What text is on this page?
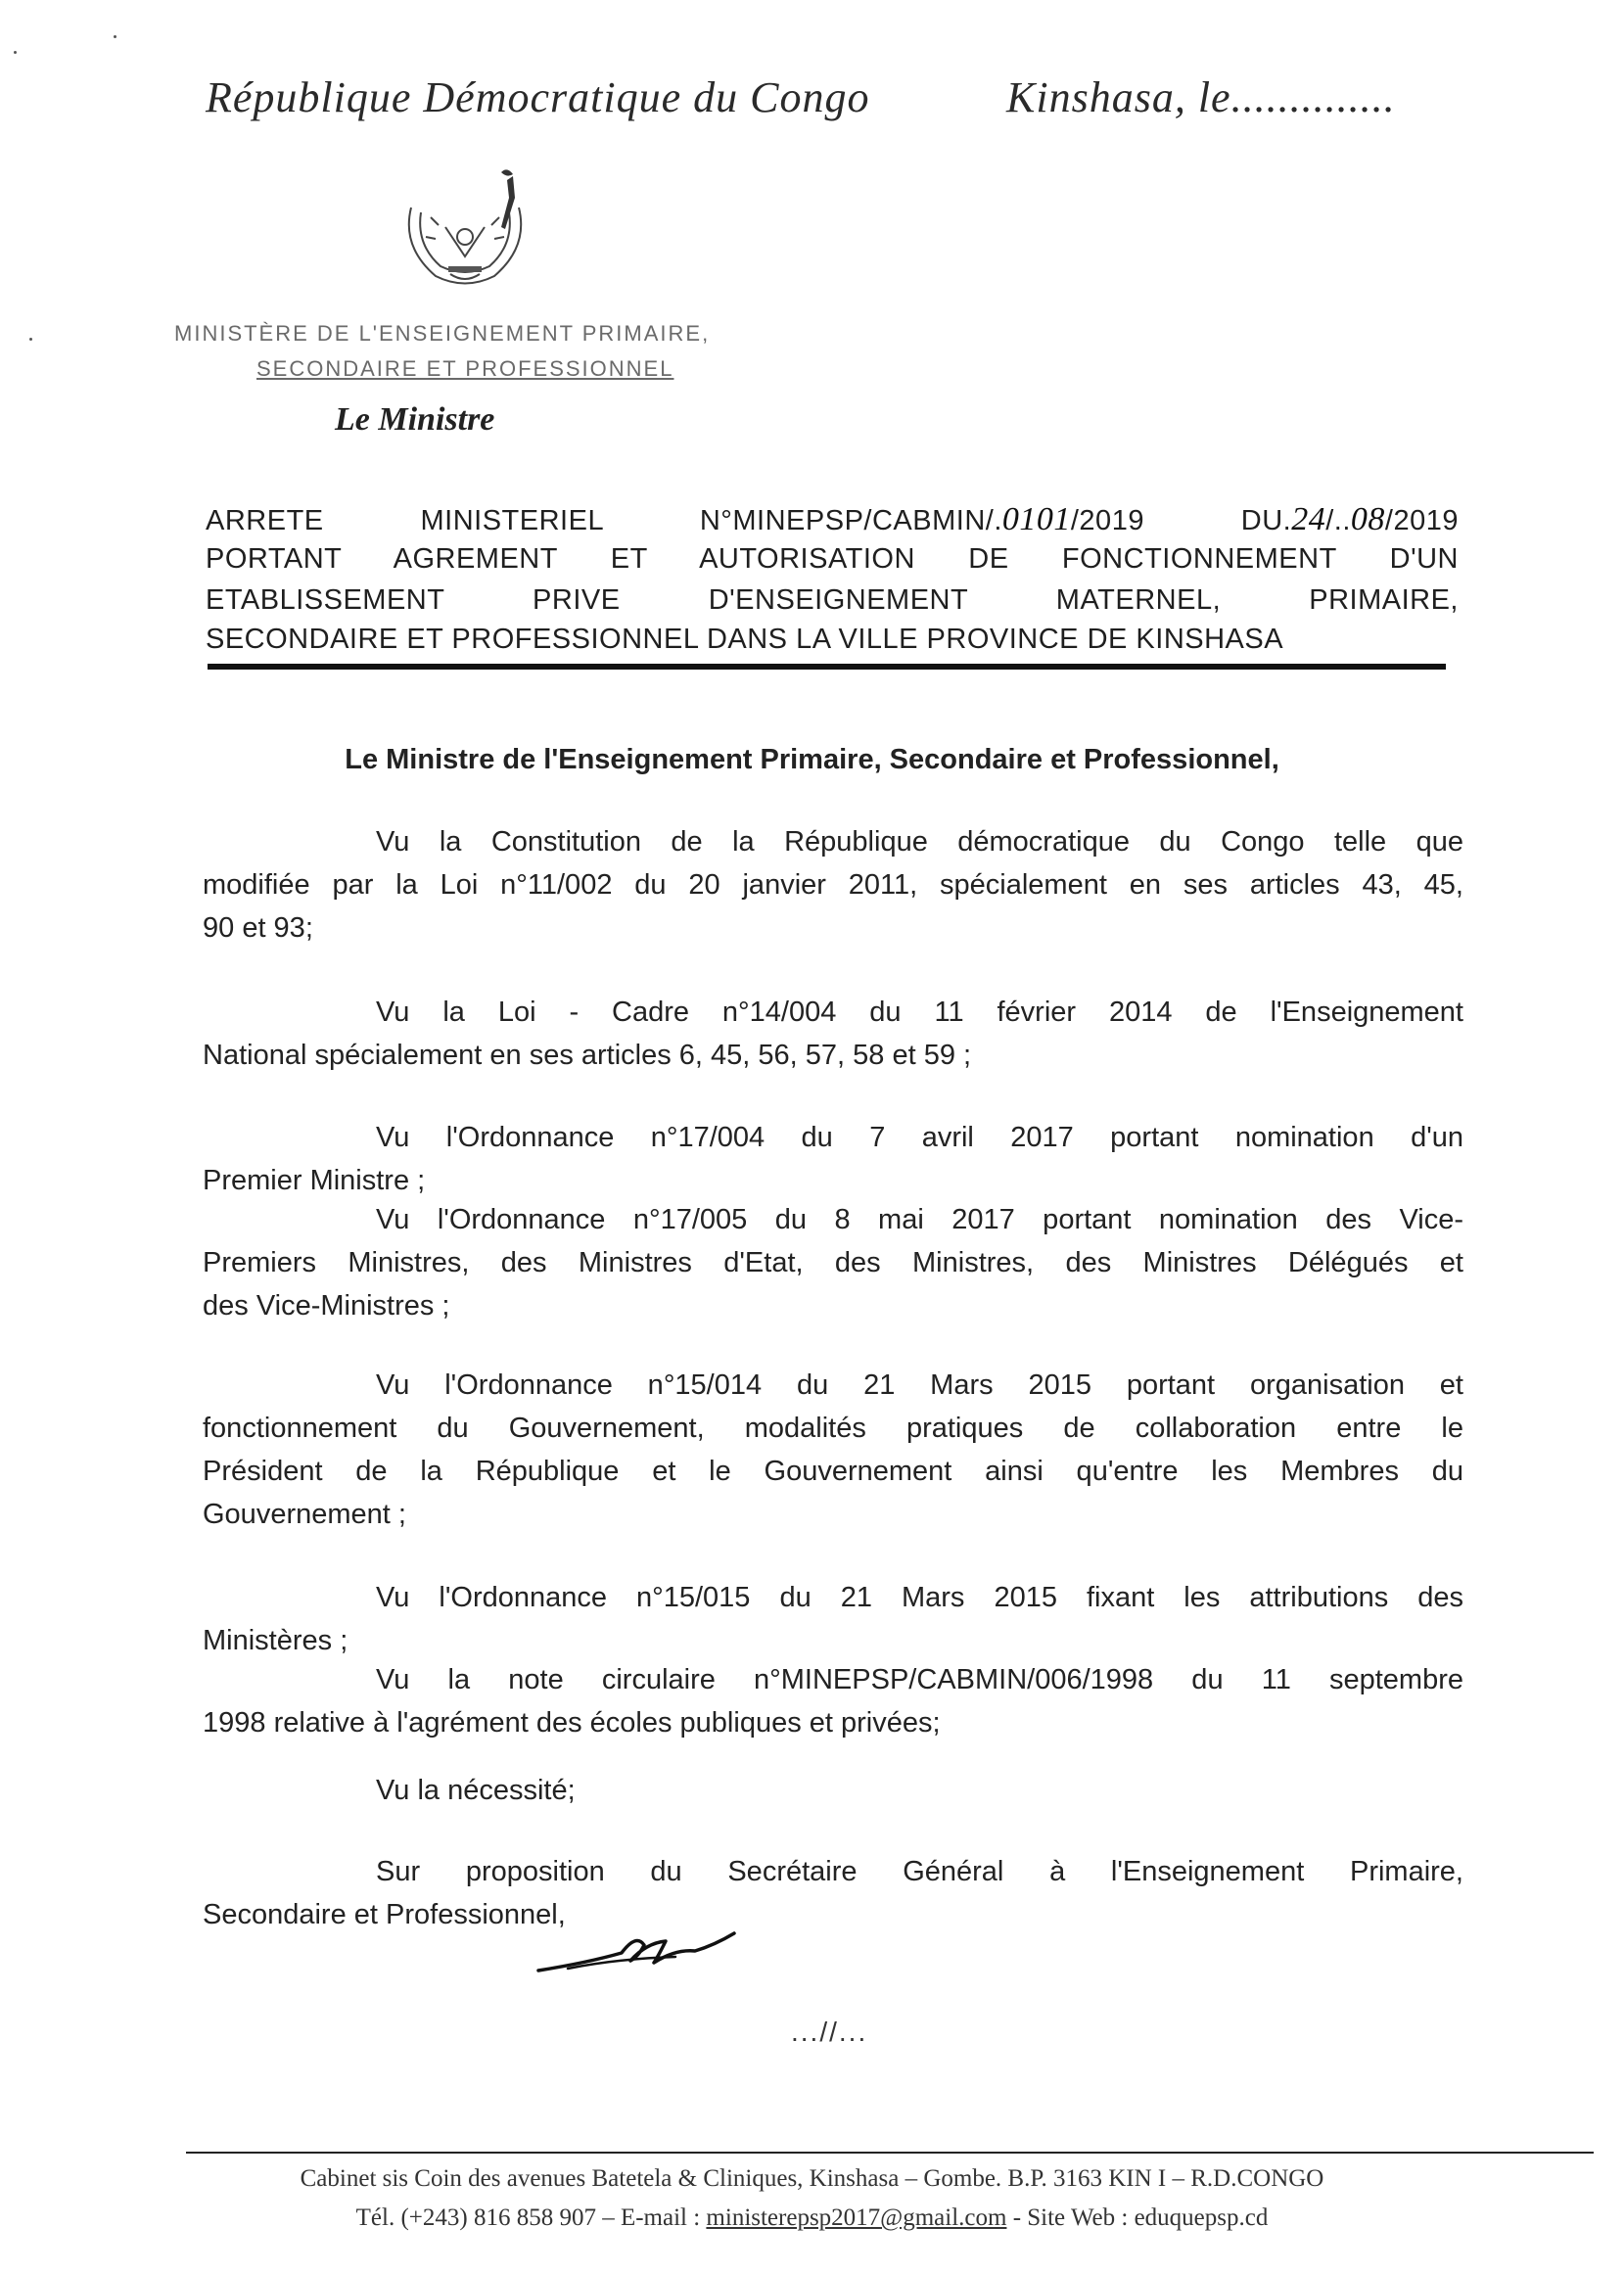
République Démocratique du Congo	Kinshasa, le..............
MINISTÈRE DE L'ENSEIGNEMENT PRIMAIRE,
SECONDAIRE ET PROFESSIONNEL
Le Ministre
ARRETE MINISTERIEL N°MINEPSP/CABMIN/.0101/2019 DU.24/..08/2019
PORTANT AGREMENT ET AUTORISATION DE FONCTIONNEMENT D'UN
ETABLISSEMENT PRIVE D'ENSEIGNEMENT MATERNEL, PRIMAIRE,
SECONDAIRE ET PROFESSIONNEL DANS LA VILLE PROVINCE DE KINSHASA
Le Ministre de l'Enseignement Primaire, Secondaire et Professionnel,
Vu la Constitution de la République démocratique du Congo telle que
modifiée par la Loi n°11/002 du 20 janvier 2011, spécialement en ses articles 43, 45,
90 et 93;
Vu la Loi - Cadre n°14/004 du 11 février 2014 de l'Enseignement
National spécialement en ses articles 6, 45, 56, 57, 58 et 59 ;
Vu l'Ordonnance n°17/004 du 7 avril 2017 portant nomination d'un
Premier Ministre ;
Vu l'Ordonnance n°17/005 du 8 mai 2017 portant nomination des Vice-
Premiers Ministres, des Ministres d'Etat, des Ministres, des Ministres Délégués et
des Vice-Ministres ;
Vu l'Ordonnance n°15/014 du 21 Mars 2015 portant organisation et
fonctionnement du Gouvernement, modalités pratiques de collaboration entre le
Président de la République et le Gouvernement ainsi qu'entre les Membres du
Gouvernement ;
Vu l'Ordonnance n°15/015 du 21 Mars 2015 fixant les attributions des
Ministères ;
Vu la note circulaire n°MINEPSP/CABMIN/006/1998 du 11 septembre
1998 relative à l'agrément des écoles publiques et privées;
Vu la nécessité;
Sur proposition du Secrétaire Général à l'Enseignement Primaire,
Secondaire et Professionnel,
...//...
Cabinet sis Coin des avenues Batetela & Cliniques, Kinshasa – Gombe. B.P. 3163 KIN I – R.D.CONGO
Tél. (+243) 816 858 907 – E-mail : ministerepsp2017@gmail.com - Site Web : eduquepsp.cd
